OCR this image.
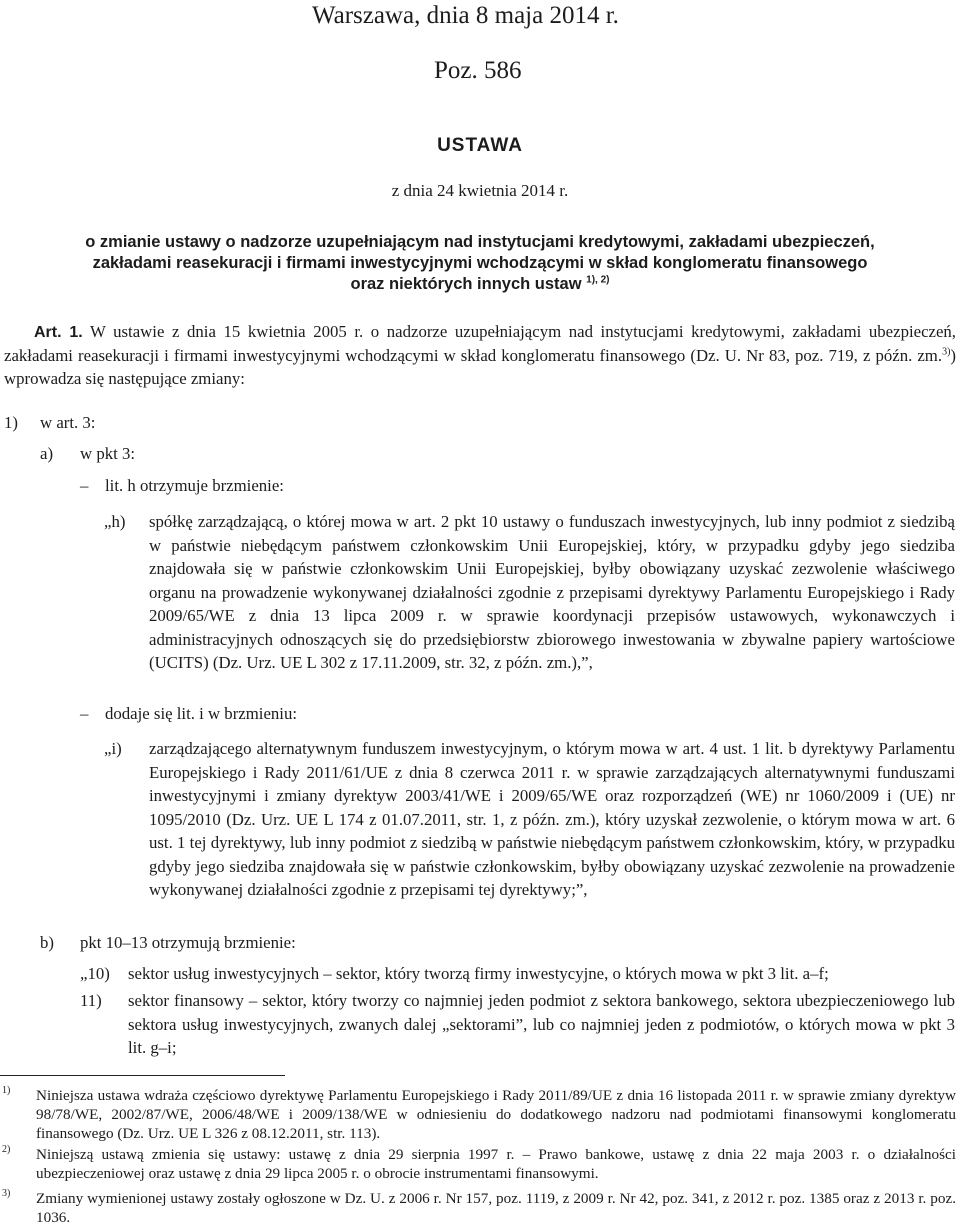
Warszawa, dnia 8 maja 2014 r.
Poz. 586
USTAWA
z dnia 24 kwietnia 2014 r.
o zmianie ustawy o nadzorze uzupełniającym nad instytucjami kredytowymi, zakładami ubezpieczeń,
zakładami reasekuracji i firmami inwestycyjnymi wchodzącymi w skład konglomeratu finansowego
oraz niektórych innych ustaw $^{1), 2)}$
Art. 1. W ustawie z dnia 15 kwietnia 2005 r. o nadzorze uzupełniającym nad instytucjami kredytowymi, zakładami ubezpieczeń, zakładami reasekuracji i firmami inwestycyjnymi wchodzącymi w skład konglomeratu finansowego (Dz. U. Nr 83, poz. 719, z późn. zm.$^{3)}$) wprowadza się następujące zmiany:
1) w art. 3:
a) w pkt 3:
– lit. h otrzymuje brzmienie:
„h) spółkę zarządzającą, o której mowa w art. 2 pkt 10 ustawy o funduszach inwestycyjnych, lub inny podmiot z siedzibą w państwie niebędącym państwem członkowskim Unii Europejskiej, który, w przypadku gdyby jego siedziba znajdowała się w państwie członkowskim Unii Europejskiej, byłby obowiązany uzyskać zezwolenie właściwego organu na prowadzenie wykonywanej działalności zgodnie z przepisami dyrektywy Parlamentu Europejskiego i Rady 2009/65/WE z dnia 13 lipca 2009 r. w sprawie koordynacji przepisów ustawowych, wykonawczych i administracyjnych odnoszących się do przedsiębiorstw zbiorowego inwestowania w zbywalne papiery wartościowe (UCITS) (Dz. Urz. UE L 302 z 17.11.2009, str. 32, z późn. zm.),”,
– dodaje się lit. i w brzmieniu:
„i) zarządzającego alternatywnym funduszem inwestycyjnym, o którym mowa w art. 4 ust. 1 lit. b dyrektywy Parlamentu Europejskiego i Rady 2011/61/UE z dnia 8 czerwca 2011 r. w sprawie zarządzających alternatywnymi funduszami inwestycyjnymi i zmiany dyrektyw 2003/41/WE i 2009/65/WE oraz rozporządzeń (WE) nr 1060/2009 i (UE) nr 1095/2010 (Dz. Urz. UE L 174 z 01.07.2011, str. 1, z późn. zm.), który uzyskał zezwolenie, o którym mowa w art. 6 ust. 1 tej dyrektywy, lub inny podmiot z siedzibą w państwie niebędącym państwem członkowskim, który, w przypadku gdyby jego siedziba znajdowała się w państwie członkowskim, byłby obowiązany uzyskać zezwolenie na prowadzenie wykonywanej działalności zgodnie z przepisami tej dyrektywy;”,
b) pkt 10–13 otrzymują brzmienie:
„10) sektor usług inwestycyjnych – sektor, który tworzą firmy inwestycyjne, o których mowa w pkt 3 lit. a–f;
11) sektor finansowy – sektor, który tworzy co najmniej jeden podmiot z sektora bankowego, sektora ubezpieczeniowego lub sektora usług inwestycyjnych, zwanych dalej „sektorami”, lub co najmniej jeden z podmiotów, o których mowa w pkt 3 lit. g–i;
1) Niniejsza ustawa wdraża częściowo dyrektywę Parlamentu Europejskiego i Rady 2011/89/UE z dnia 16 listopada 2011 r. w sprawie zmiany dyrektyw 98/78/WE, 2002/87/WE, 2006/48/WE i 2009/138/WE w odniesieniu do dodatkowego nadzoru nad podmiotami finansowymi konglomeratu finansowego (Dz. Urz. UE L 326 z 08.12.2011, str. 113).
2) Niniejszą ustawą zmienia się ustawy: ustawę z dnia 29 sierpnia 1997 r. – Prawo bankowe, ustawę z dnia 22 maja 2003 r. o działalności ubezpieczeniowej oraz ustawę z dnia 29 lipca 2005 r. o obrocie instrumentami finansowymi.
3) Zmiany wymienionej ustawy zostały ogłoszone w Dz. U. z 2006 r. Nr 157, poz. 1119, z 2009 r. Nr 42, poz. 341, z 2012 r. poz. 1385 oraz z 2013 r. poz. 1036.
